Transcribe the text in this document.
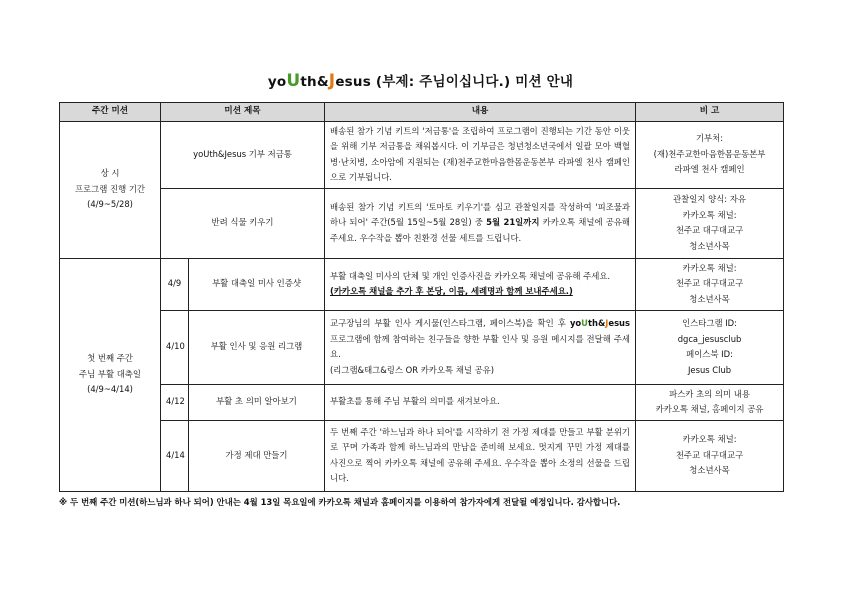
yoUth&Jesus (부제: 주님이십니다.) 미션 안내
주간 미션	미션 제목		내용	비 고
상 시
프로그램 진행 기간
(4/9~5/28)	yoUth&Jesus 기부 저금통		배송된 참가 기념 키트의 '저금통'을 조립하여 프로그램이 진행되는 기간 동안 이웃을 위해 기부 저금통을 채워봅시다. 이 기부금은 청년청소년국에서 일괄 모아 백혈병·난치병, 소아암에 지원되는 (재)천주교한마음한몸운동본부 라파엘 천사 캠페인으로 기부됩니다.	기부처:
(재)천주교한마음한몸운동본부
라파엘 천사 캠페인
	반려 식물 키우기		배송된 참가 기념 키트의 '토마토 키우기'를 심고 관찰일지를 작성하여 '피조물과 하나 되어' 주간(5월 15일~5월 28일) 중 5월 21일까지 카카오톡 채널에 공유해 주세요. 우수작을 뽑아 친환경 선물 세트를 드립니다.	관찰일지 양식: 자유
카카오톡 채널:
천주교 대구대교구
청소년사목
첫 번째 주간
주님 부활 대축일
(4/9~4/14)	4/9	부활 대축일 미사 인증샷	부활 대축일 미사의 단체 및 개인 인증사진을 카카오톡 채널에 공유해 주세요.
(카카오톡 채널을 추가 후 본당, 이름, 세례명과 함께 보내주세요.)	카카오톡 채널:
천주교 대구대교구
청소년사목
	4/10	부활 인사 및 응원 리그램	교구장님의 부활 인사 게시물(인스타그램, 페이스북)을 확인 후 yoUth&Jesus 프로그램에 함께 참여하는 친구들을 향한 부활 인사 및 응원 메시지를 전달해 주세요.
(리그램&태그&링스 OR 카카오톡 채널 공유)	인스타그램 ID:
dgca_jesusclub
페이스북 ID:
Jesus Club
	4/12	부활 초 의미 알아보기	부활초를 통해 주님 부활의 의미를 새겨보아요.	파스카 초의 의미 내용
카카오톡 채널, 홈페이지 공유
	4/14	가정 제대 만들기	두 번째 주간 '하느님과 하나 되어'를 시작하기 전 가정 제대를 만들고 부활 분위기로 꾸며 가족과 함께 하느님과의 만남을 준비해 보세요. 멋지게 꾸민 가정 제대를 사진으로 찍어 카카오톡 채널에 공유해 주세요. 우수작을 뽑아 소정의 선물을 드립니다.	카카오톡 채널:
천주교 대구대교구
청소년사목
※ 두 번째 주간 미션(하느님과 하나 되어) 안내는 4월 13일 목요일에 카카오톡 채널과 홈페이지를 이용하여 참가자에게 전달될 예정입니다. 감사합니다.
